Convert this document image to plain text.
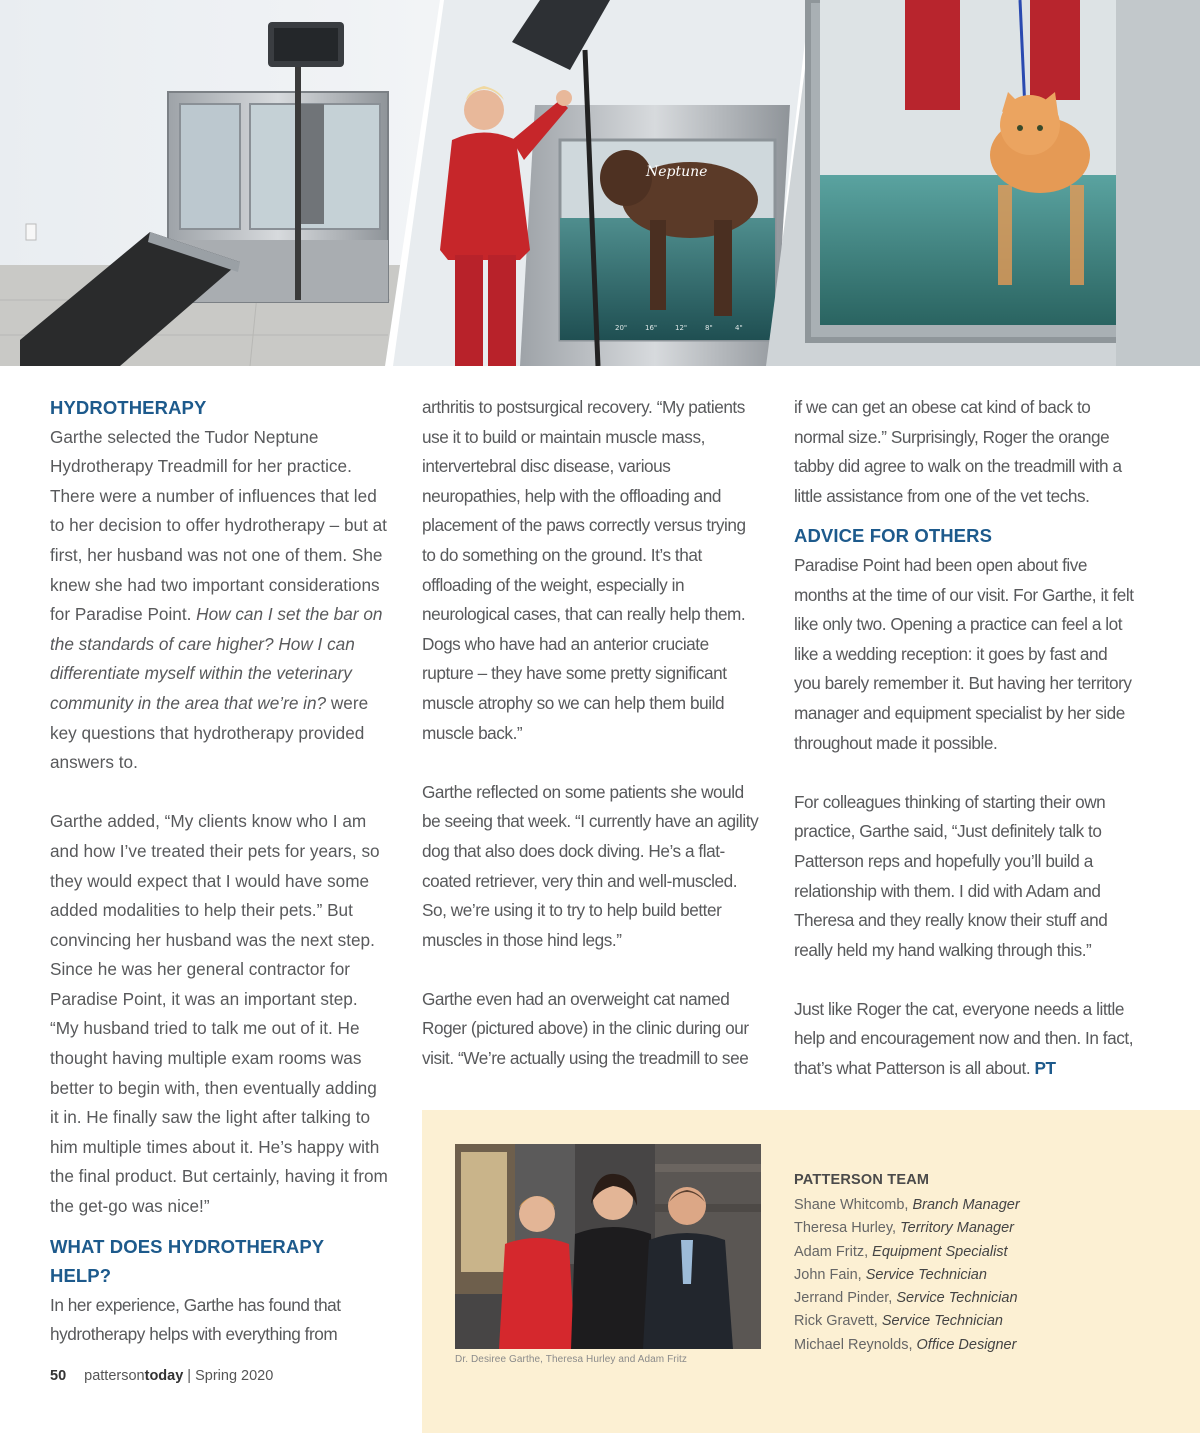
Neptune
20"	16"	12"	8"	4"
HYDROTHERAPY

Garthe selected the Tudor Neptune Hydrotherapy Treadmill for her practice. There were a number of influences that led to her decision to offer hydrotherapy – but at first, her husband was not one of them. She knew she had two important considerations for Paradise Point. How can I set the bar on the standards of care higher? How I can differentiate myself within the veterinary community in the area that we’re in? were key questions that hydrotherapy provided answers to.

Garthe added, “My clients know who I am and how I’ve treated their pets for years, so they would expect that I would have some added modalities to help their pets.” But convincing her husband was the next step. Since he was her general contractor for Paradise Point, it was an important step. “My husband tried to talk me out of it. He thought having multiple exam rooms was better to begin with, then eventually adding it in. He finally saw the light after talking to him multiple times about it. He’s happy with the final product. But certainly, having it from the get-go was nice!”

WHAT DOES HYDROTHERAPY HELP?

In her experience, Garthe has found that hydrotherapy helps with everything from

arthritis to postsurgical recovery. “My patients use it to build or maintain muscle mass, intervertebral disc disease, various neuropathies, help with the offloading and placement of the paws correctly versus trying to do something on the ground. It’s that offloading of the weight, especially in neurological cases, that can really help them. Dogs who have had an anterior cruciate rupture – they have some pretty significant muscle atrophy so we can help them build muscle back.”

Garthe reflected on some patients she would be seeing that week. “I currently have an agility dog that also does dock diving. He’s a flat-coated retriever, very thin and well-muscled. So, we’re using it to try to help build better muscles in those hind legs.”

Garthe even had an overweight cat named Roger (pictured above) in the clinic during our visit. “We’re actually using the treadmill to see

if we can get an obese cat kind of back to normal size.” Surprisingly, Roger the orange tabby did agree to walk on the treadmill with a little assistance from one of the vet techs.

ADVICE FOR OTHERS

Paradise Point had been open about five months at the time of our visit. For Garthe, it felt like only two. Opening a practice can feel a lot like a wedding reception: it goes by fast and you barely remember it. But having her territory manager and equipment specialist by her side throughout made it possible.

For colleagues thinking of starting their own practice, Garthe said, “Just definitely talk to Patterson reps and hopefully you’ll build a relationship with them. I did with Adam and Theresa and they really know their stuff and really held my hand walking through this.”

Just like Roger the cat, everyone needs a little help and encouragement now and then. In fact, that’s what Patterson is all about. PT

Dr. Desiree Garthe, Theresa Hurley and Adam Fritz
PATTERSON TEAM
Shane Whitcomb, Branch Manager
Theresa Hurley, Territory Manager
Adam Fritz, Equipment Specialist
John Fain, Service Technician
Jerrand Pinder, Service Technician
Rick Gravett, Service Technician
Michael Reynolds, Office Designer
50 pattersontoday | Spring 2020
